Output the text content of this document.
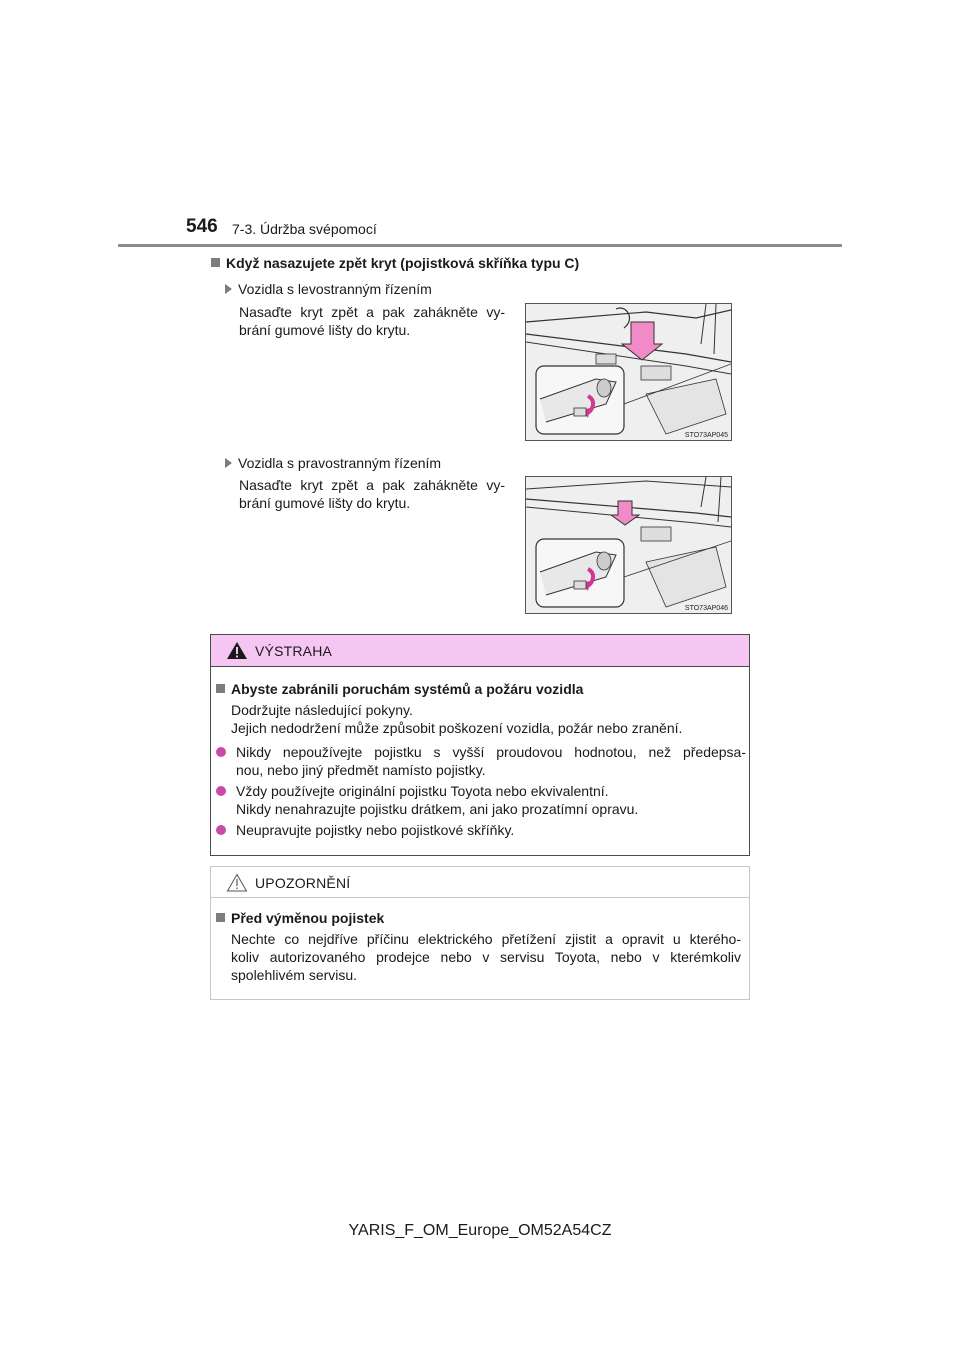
546 7-3. Údržba svépomocí
Když nasazujete zpět kryt (pojistková skříňka typu C)
Vozidla s levostranným řízením
Nasaďte kryt zpět a pak zahákněte vy-
brání gumové lišty do krytu.
STO73AP045
Vozidla s pravostranným řízením
Nasaďte kryt zpět a pak zahákněte vy-
brání gumové lišty do krytu.
STO73AP046
VÝSTRAHA
Abyste zabránili poruchám systémů a požáru vozidla
Dodržujte následující pokyny.
Jejich nedodržení může způsobit poškození vozidla, požár nebo zranění.
Nikdy nepoužívejte pojistku s vyšší proudovou hodnotou, než předepsa-
nou, nebo jiný předmět namísto pojistky.
Vždy používejte originální pojistku Toyota nebo ekvivalentní.
Nikdy nenahrazujte pojistku drátkem, ani jako prozatímní opravu.
Neupravujte pojistky nebo pojistkové skříňky.
UPOZORNĚNÍ
Před výměnou pojistek
Nechte co nejdříve příčinu elektrického přetížení zjistit a opravit u kterého-
koliv autorizovaného prodejce nebo v servisu Toyota, nebo v kterémkoliv
spolehlivém servisu.
YARIS_F_OM_Europe_OM52A54CZ
